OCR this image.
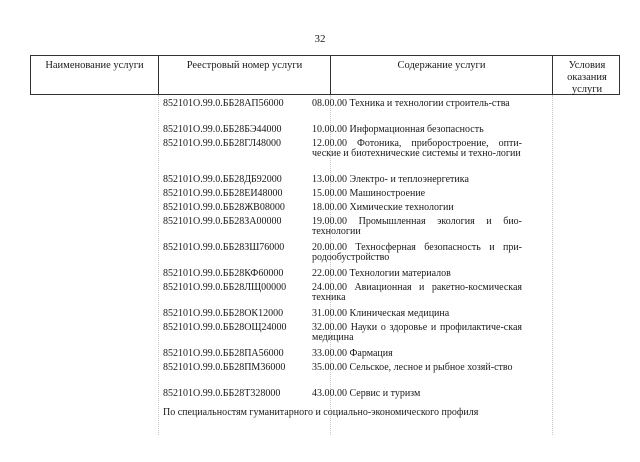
32
Наименование услуги	Реестровый номер услуги	Содержание услуги	Условия оказания услуги
852101О.99.0.ББ28АП56000	08.00.00 Техника и технологии строитель-ства
852101О.99.0.ББ28БЭ44000	10.00.00 Информационная безопасность
852101О.99.0.ББ28ГЛ48000	12.00.00 Фотоника, приборостроение, опти-ческие и биотехнические системы и техно-логии
852101О.99.0.ББ28ДБ92000	13.00.00 Электро- и теплоэнергетика
852101О.99.0.ББ28ЕИ48000	15.00.00 Машиностроение
852101О.99.0.ББ28ЖВ08000	18.00.00 Химические технологии
852101О.99.0.ББ28ЗА00000	19.00.00 Промышленная экология и био-технологии
852101О.99.0.ББ28ЗШ76000	20.00.00 Техносферная безопасность и при-родообустройство
852101О.99.0.ББ28КФ60000	22.00.00 Технологии материалов
852101О.99.0.ББ28ЛЩ00000	24.00.00 Авиационная и ракетно-космическая техника
852101О.99.0.ББ28ОК12000	31.00.00 Клиническая медицина
852101О.99.0.ББ28ОЩ24000	32.00.00 Науки о здоровье и профилактиче-ская медицина
852101О.99.0.ББ28ПА56000	33.00.00 Фармация
852101О.99.0.ББ28ПМ36000	35.00.00 Сельское, лесное и рыбное хозяй-ство
852101О.99.0.ББ28Т328000	43.00.00 Сервис и туризм
По специальностям гуманитарного и социально-экономического профиля
